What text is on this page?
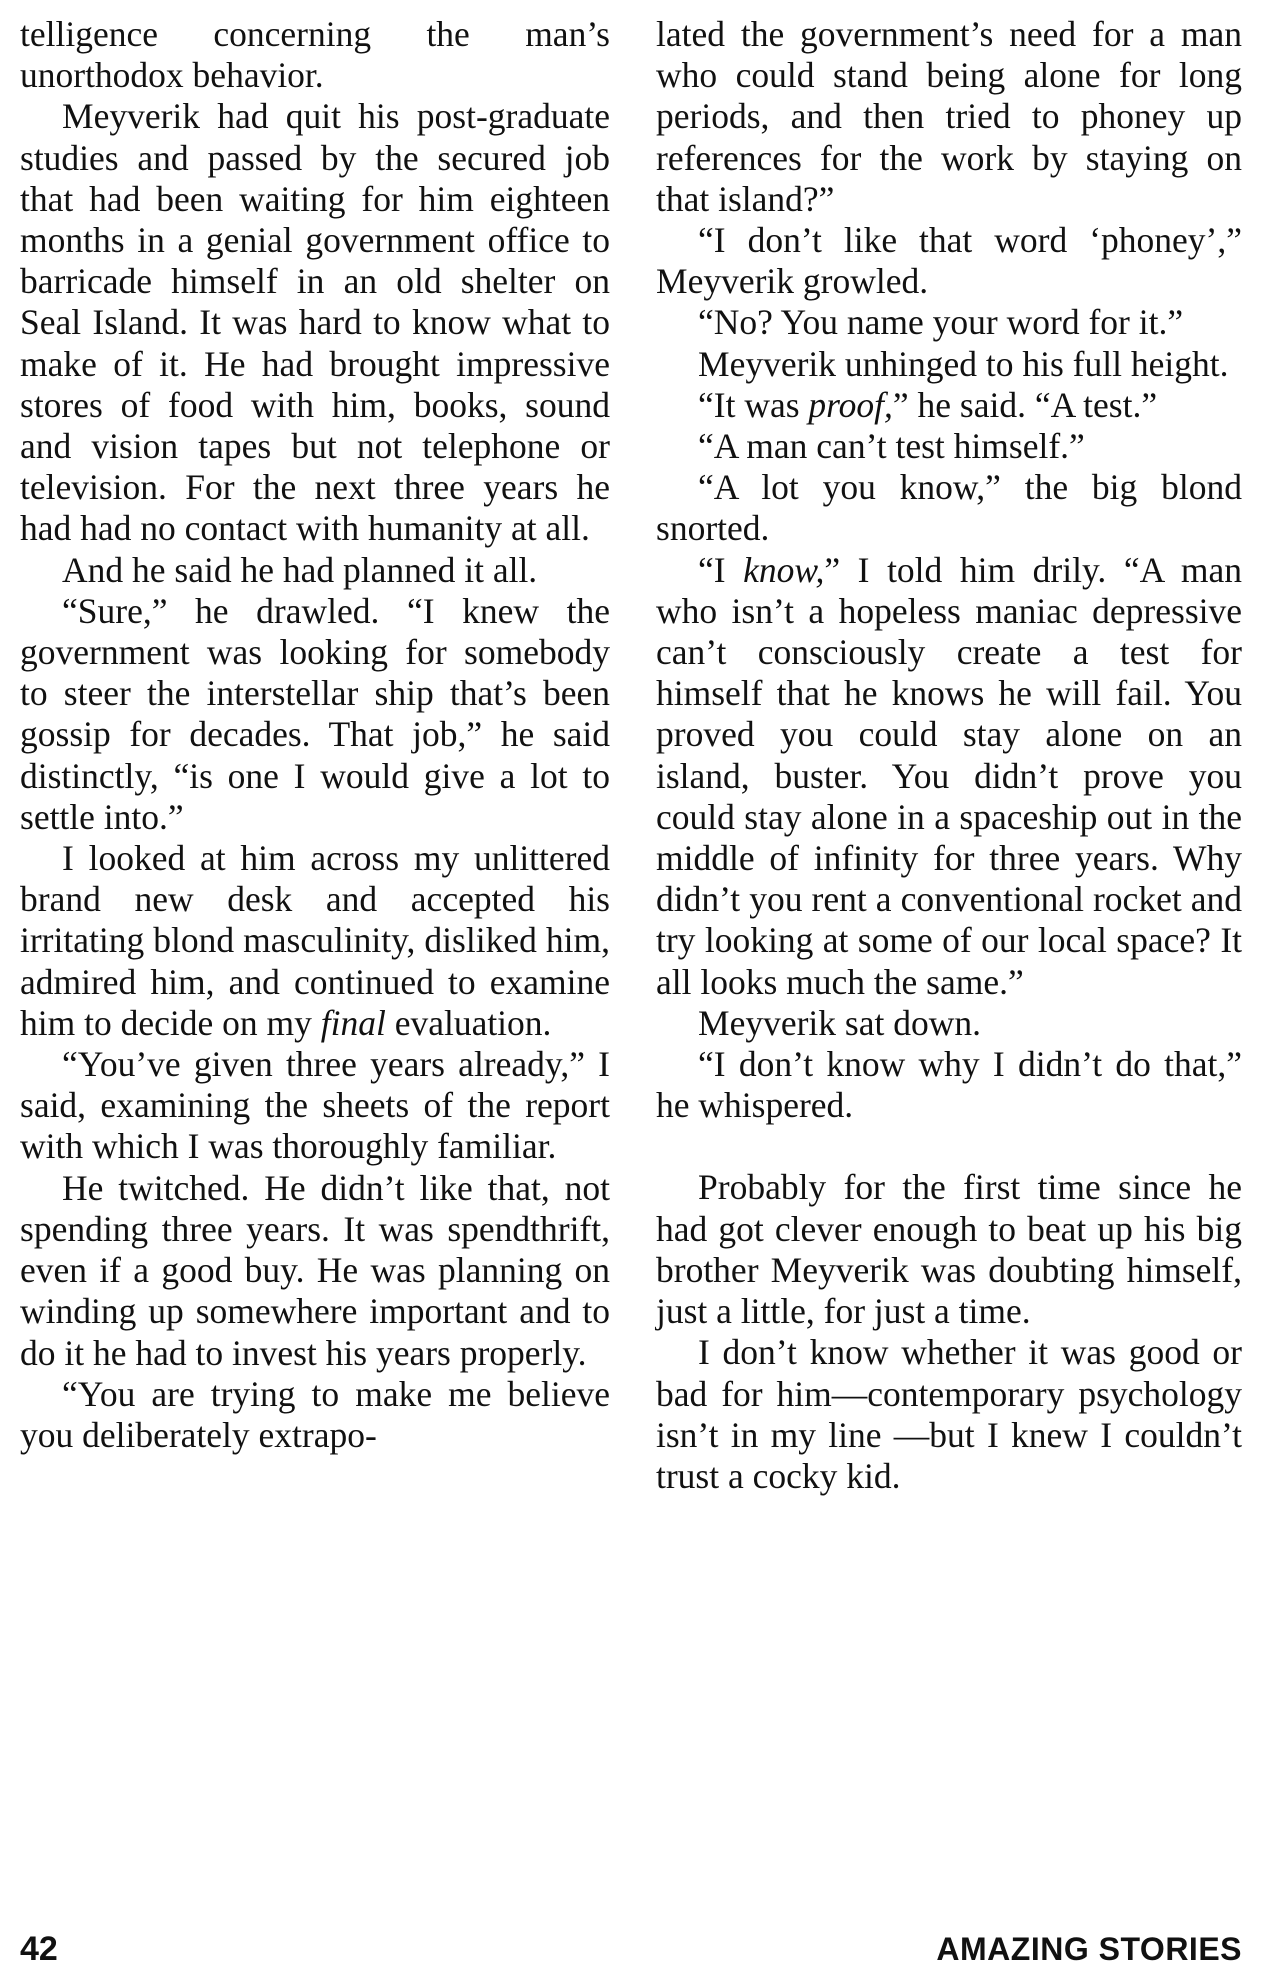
telligence concerning the man’s unorthodox behavior.

Meyverik had quit his post-graduate studies and passed by the secured job that had been waiting for him eighteen months in a genial government office to barricade himself in an old shelter on Seal Island. It was hard to know what to make of it. He had brought impressive stores of food with him, books, sound and vision tapes but not telephone or television. For the next three years he had had no contact with humanity at all.

And he said he had planned it all.

“Sure,” he drawled. “I knew the government was looking for somebody to steer the interstellar ship that’s been gossip for decades. That job,” he said distinctly, “is one I would give a lot to settle into.”

I looked at him across my unlittered brand new desk and accepted his irritating blond masculinity, disliked him, admired him, and continued to examine him to decide on my final evaluation.

“You’ve given three years already,” I said, examining the sheets of the report with which I was thoroughly familiar.

He twitched. He didn’t like that, not spending three years. It was spendthrift, even if a good buy. He was planning on winding up somewhere important and to do it he had to invest his years properly.

“You are trying to make me believe you deliberately extrapo-

lated the government’s need for a man who could stand being alone for long periods, and then tried to phoney up references for the work by staying on that island?”

“I don’t like that word ‘phoney’,” Meyverik growled.

“No? You name your word for it.”

Meyverik unhinged to his full height.

“It was proof,” he said. “A test.”

“A man can’t test himself.”

“A lot you know,” the big blond snorted.

“I know,” I told him drily. “A man who isn’t a hopeless maniac depressive can’t consciously create a test for himself that he knows he will fail. You proved you could stay alone on an island, buster. You didn’t prove you could stay alone in a spaceship out in the middle of infinity for three years. Why didn’t you rent a conventional rocket and try looking at some of our local space? It all looks much the same.”

Meyverik sat down.

“I don’t know why I didn’t do that,” he whispered.

Probably for the first time since he had got clever enough to beat up his big brother Meyverik was doubting himself, just a little, for just a time.

I don’t know whether it was good or bad for him—contemporary psychology isn’t in my line —but I knew I couldn’t trust a cocky kid.

42	AMAZING STORIES
